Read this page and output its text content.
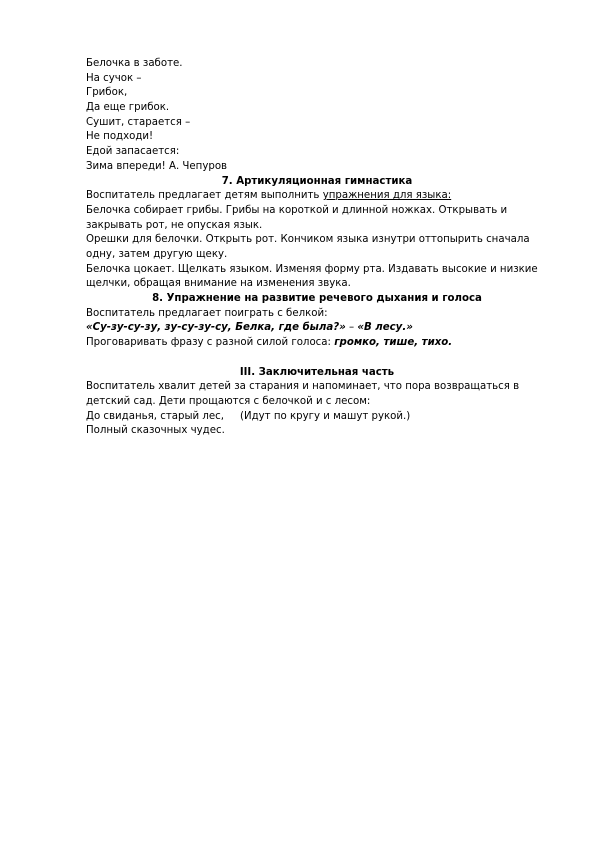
Белочка в заботе.
На сучок –
Грибок,
Да еще грибок.
Сушит, старается –
Не подходи!
Едой запасается:
Зима впереди! А. Чепуров
7. Артикуляционная гимнастика
Воспитатель предлагает детям выполнить упражнения для языка:
Белочка собирает грибы. Грибы на короткой и длинной ножках. Открывать и закрывать рот, не опуская язык.
Орешки для белочки. Открыть рот. Кончиком языка изнутри оттопырить сначала одну, затем другую щеку.
Белочка цокает. Щелкать языком. Изменяя форму рта. Издавать высокие и низкие щелчки, обращая внимание на изменения звука.
8. Упражнение на развитие речевого дыхания и голоса
Воспитатель предлагает поиграть с белкой:
«Су-зу-су-зу, зу-су-зу-су, Белка, где была?» – «В лесу.»
Проговаривать фразу с разной силой голоса: громко, тише, тихо.
III. Заключительная часть
Воспитатель хвалит детей за старания и напоминает, что пора возвращаться в детский сад. Дети прощаются с белочкой и с лесом:
До свиданья, старый лес, (Идут по кругу и машут рукой.)
Полный сказочных чудес.
